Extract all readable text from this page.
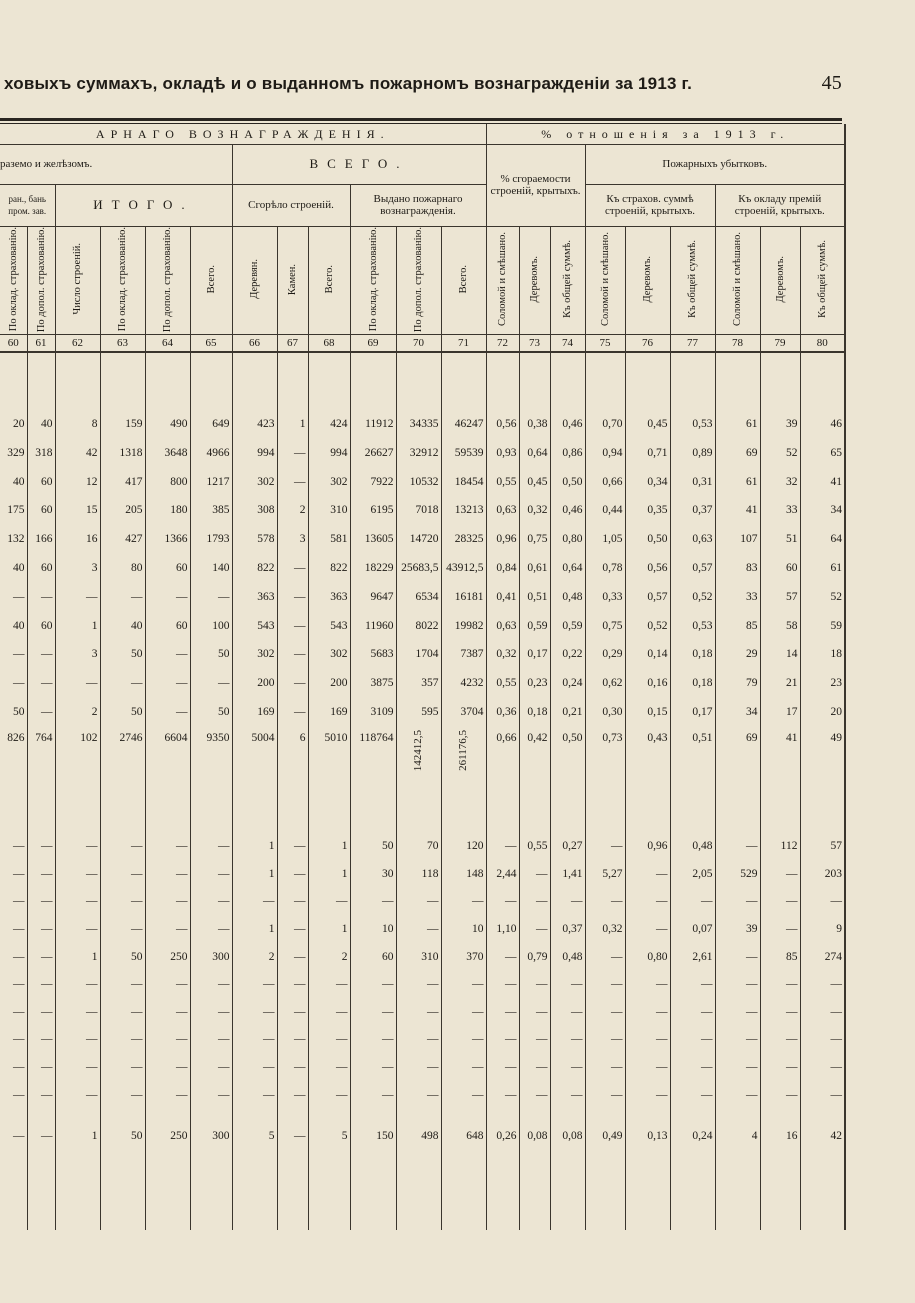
ховыхъ суммахъ, окладѣ и о выданномъ пожарномъ вознагражденіи за 1913 г.	45
АРНАГО ВОЗНАГРАЖДЕНІЯ.												% отношенія за 1913 г.								
раземо и желѣзомъ.						ВСЕГО.						% сгораемости строеній, крытыхъ.			Пожарныхъ убытковъ.					
ран., бань пром. зав.		ИТОГО.				Сгорѣло строеній.			Выдано пожарнаго вознагражденія.						Къ страхов. суммѣ строеній, крытыхъ.			Къ окладу премій строеній, крытыхъ.		
По оклад. страхованію.	По допол. страхованію.	Число строеній.	По оклад. страхованію.	По допол. страхованію.	Всего.	Деревян.	Камен.	Всего.	По оклад. страхованію.	По допол. страхованію.	Всего.	Соломой и смѣшано.	Деревомъ.	Къ общей суммѣ.	Соломой и смѣшано.	Деревомъ.	Къ общей суммѣ.	Соломой и смѣшано.	Деревомъ.	Къ общей суммѣ.
60	61	62	63	64	65	66	67	68	69	70	71	72	73	74	75	76	77	78	79	80

20	40	8	159	490	649	423	1	424	11912	34335	46247	0,56	0,38	0,46	0,70	0,45	0,53	61	39	46
329	318	42	1318	3648	4966	994	—	994	26627	32912	59539	0,93	0,64	0,86	0,94	0,71	0,89	69	52	65
40	60	12	417	800	1217	302	—	302	7922	10532	18454	0,55	0,45	0,50	0,66	0,34	0,31	61	32	41
175	60	15	205	180	385	308	2	310	6195	7018	13213	0,63	0,32	0,46	0,44	0,35	0,37	41	33	34
132	166	16	427	1366	1793	578	3	581	13605	14720	28325	0,96	0,75	0,80	1,05	0,50	0,63	107	51	64
40	60	3	80	60	140	822	—	822	18229	25683,5	43912,5	0,84	0,61	0,64	0,78	0,56	0,57	83	60	61
—	—	—	—	—	—	363	—	363	9647	6534	16181	0,41	0,51	0,48	0,33	0,57	0,52	33	57	52
40	60	1	40	60	100	543	—	543	11960	8022	19982	0,63	0,59	0,59	0,75	0,52	0,53	85	58	59
—	—	3	50	—	50	302	—	302	5683	1704	7387	0,32	0,17	0,22	0,29	0,14	0,18	29	14	18
—	—	—	—	—	—	200	—	200	3875	357	4232	0,55	0,23	0,24	0,62	0,16	0,18	79	21	23
50	—	2	50	—	50	169	—	169	3109	595	3704	0,36	0,18	0,21	0,30	0,15	0,17	34	17	20
826	764	102	2746	6604	9350	5004	6	5010	118764	142412,5	261176,5	0,66	0,42	0,50	0,73	0,43	0,51	69	41	49

—	—	—	—	—	—	1	—	1	50	70	120	—	0,55	0,27	—	0,96	0,48	—	112	57
—	—	—	—	—	—	1	—	1	30	118	148	2,44	—	1,41	5,27	—	2,05	529	—	203
—	—	—	—	—	—	—	—	—	—	—	—	—	—	—	—	—	—	—	—	—
—	—	—	—	—	—	1	—	1	10	—	10	1,10	—	0,37	0,32	—	0,07	39	—	9
—	—	1	50	250	300	2	—	2	60	310	370	—	0,79	0,48	—	0,80	2,61	—	85	274
—	—	—	—	—	—	—	—	—	—	—	—	—	—	—	—	—	—	—	—	—
—	—	—	—	—	—	—	—	—	—	—	—	—	—	—	—	—	—	—	—	—
—	—	—	—	—	—	—	—	—	—	—	—	—	—	—	—	—	—	—	—	—
—	—	—	—	—	—	—	—	—	—	—	—	—	—	—	—	—	—	—	—	—
—	—	—	—	—	—	—	—	—	—	—	—	—	—	—	—	—	—	—	—	—

—	—	1	50	250	300	5	—	5	150	498	648	0,26	0,08	0,08	0,49	0,13	0,24	4	16	42
